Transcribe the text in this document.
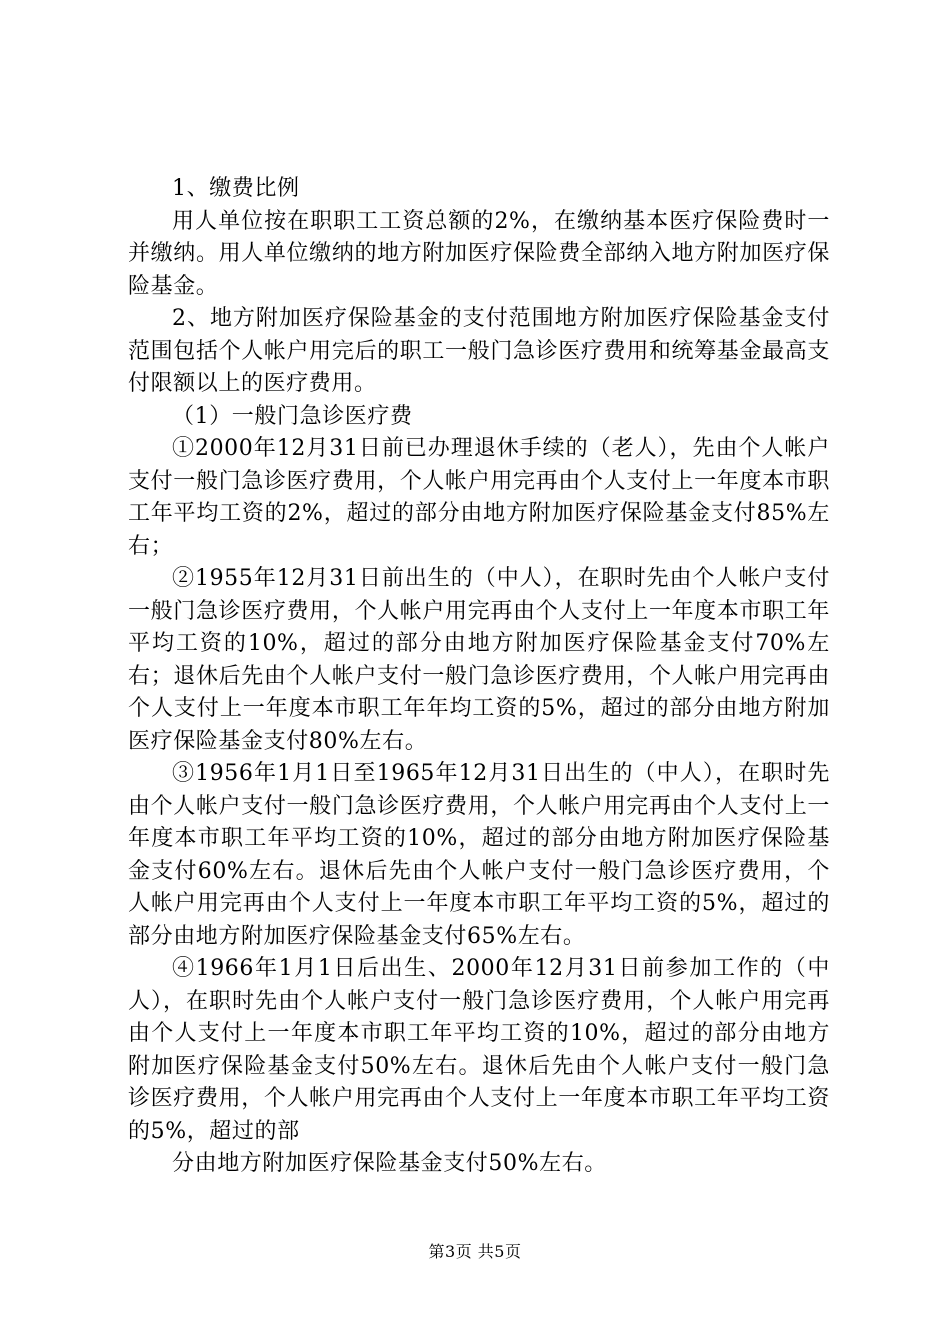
1、缴费比例

用人单位按在职职工工资总额的2%，在缴纳基本医疗保险费时一并缴纳。用人单位缴纳的地方附加医疗保险费全部纳入地方附加医疗保险基金。

2、地方附加医疗保险基金的支付范围地方附加医疗保险基金支付范围包括个人帐户用完后的职工一般门急诊医疗费用和统筹基金最高支付限额以上的医疗费用。

（1）一般门急诊医疗费

①2000年12月31日前已办理退休手续的（老人），先由个人帐户支付一般门急诊医疗费用，个人帐户用完再由个人支付上一年度本市职工年平均工资的2%，超过的部分由地方附加医疗保险基金支付85%左右；

②1955年12月31日前出生的（中人），在职时先由个人帐户支付一般门急诊医疗费用，个人帐户用完再由个人支付上一年度本市职工年平均工资的10%，超过的部分由地方附加医疗保险基金支付70%左右；退休后先由个人帐户支付一般门急诊医疗费用，个人帐户用完再由个人支付上一年度本市职工年年均工资的5%，超过的部分由地方附加医疗保险基金支付80%左右。

③1956年1月1日至1965年12月31日出生的（中人），在职时先由个人帐户支付一般门急诊医疗费用，个人帐户用完再由个人支付上一年度本市职工年平均工资的10%，超过的部分由地方附加医疗保险基金支付60%左右。退休后先由个人帐户支付一般门急诊医疗费用，个人帐户用完再由个人支付上一年度本市职工年平均工资的5%，超过的部分由地方附加医疗保险基金支付65%左右。

④1966年1月1日后出生、2000年12月31日前参加工作的（中人），在职时先由个人帐户支付一般门急诊医疗费用，个人帐户用完再由个人支付上一年度本市职工年平均工资的10%，超过的部分由地方附加医疗保险基金支付50%左右。退休后先由个人帐户支付一般门急诊医疗费用，个人帐户用完再由个人支付上一年度本市职工年平均工资的5%，超过的部

分由地方附加医疗保险基金支付50%左右。

第3页 共5页
